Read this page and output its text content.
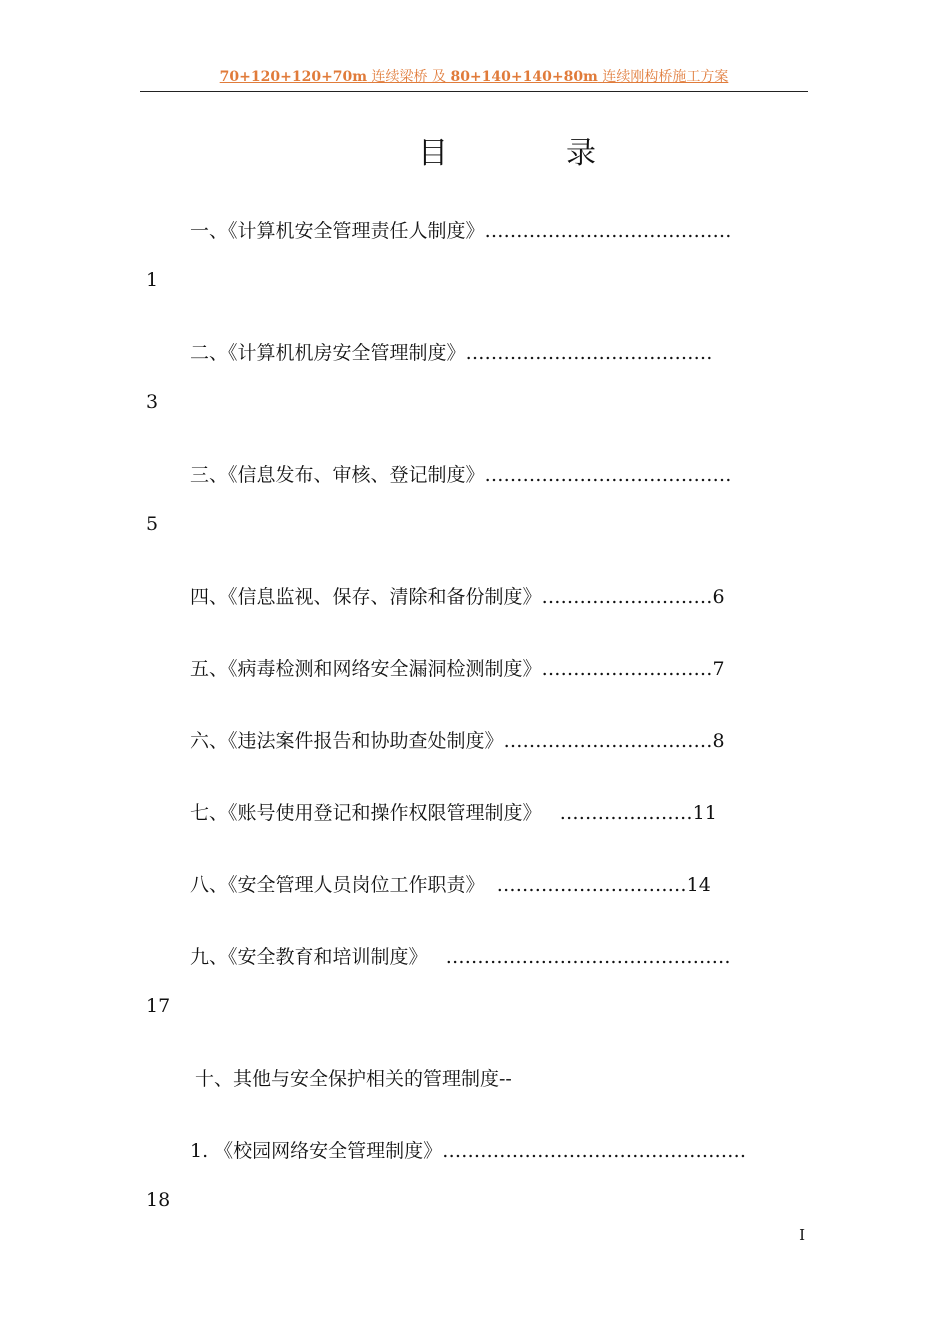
70+120+120+70m 连续梁桥 及 80+140+140+80m 连续刚构桥施工方案
目	录
一、《计算机安全管理责任人制度》…………………………………
1
二、《计算机机房安全管理制度》…………………………………
3
三、《信息发布、审核、登记制度》…………………………………
5
四、《信息监视、保存、清除和备份制度》………………………6
五、《病毒检测和网络安全漏洞检测制度》………………………7
六、《违法案件报告和协助查处制度》……………………………8
七、《账号使用登记和操作权限管理制度》   …………………11
八、《安全管理人员岗位工作职责》  …………………………14
九、《安全教育和培训制度》   ………………………………………
17
十、其他与安全保护相关的管理制度--
1. 《校园网络安全管理制度》…………………………………………
18
I
